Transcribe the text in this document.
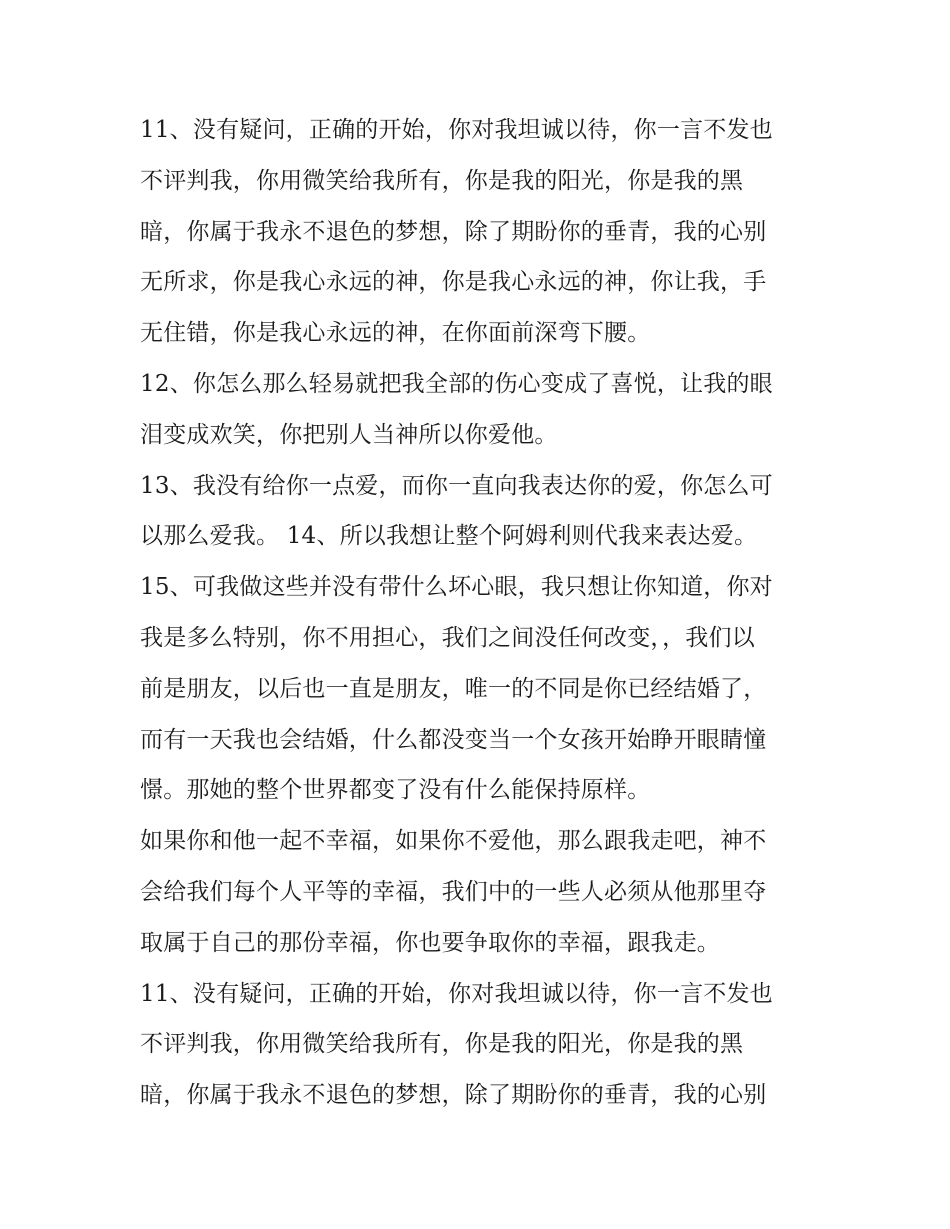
11、没有疑问，正确的开始，你对我坦诚以待，你一言不发也
不评判我，你用微笑给我所有，你是我的阳光，你是我的黑
暗，你属于我永不退色的梦想，除了期盼你的垂青，我的心别
无所求，你是我心永远的神，你是我心永远的神，你让我，手
无住错，你是我心永远的神，在你面前深弯下腰。
12、你怎么那么轻易就把我全部的伤心变成了喜悦，让我的眼
泪变成欢笑，你把别人当神所以你爱他。
13、我没有给你一点爱，而你一直向我表达你的爱，你怎么可
以那么爱我。 14、所以我想让整个阿姆利则代我来表达爱。
15、可我做这些并没有带什么坏心眼，我只想让你知道，你对
我是多么特别，你不用担心，我们之间没任何改变，，我们以
前是朋友，以后也一直是朋友，唯一的不同是你已经结婚了，
而有一天我也会结婚，什么都没变当一个女孩开始睁开眼睛憧
憬。那她的整个世界都变了没有什么能保持原样。
如果你和他一起不幸福，如果你不爱他，那么跟我走吧，神不
会给我们每个人平等的幸福，我们中的一些人必须从他那里夺
取属于自己的那份幸福，你也要争取你的幸福，跟我走。
11、没有疑问，正确的开始，你对我坦诚以待，你一言不发也
不评判我，你用微笑给我所有，你是我的阳光，你是我的黑
暗，你属于我永不退色的梦想，除了期盼你的垂青，我的心别
